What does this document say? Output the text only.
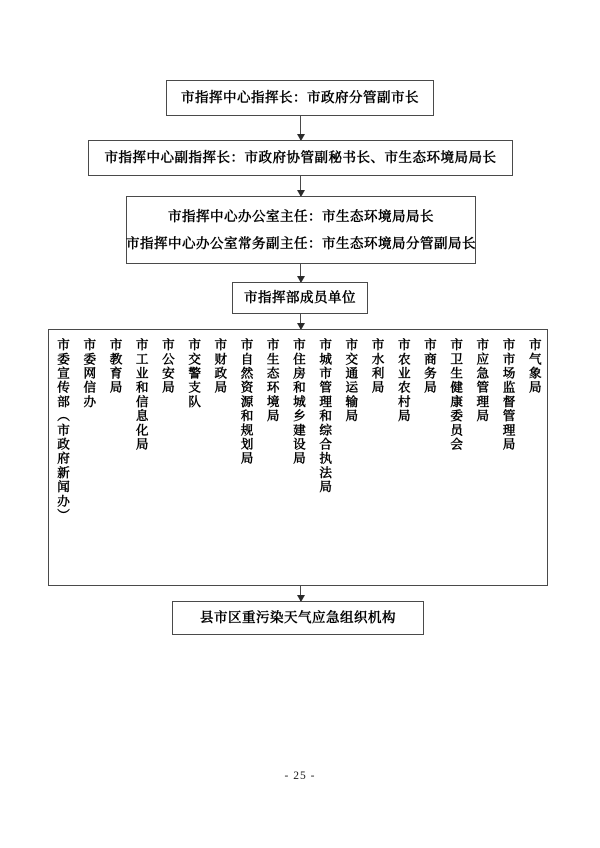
市指挥中心指挥长：市政府分管副市长
市指挥中心副指挥长：市政府协管副秘书长、市生态环境局局长
市指挥中心办公室主任：市生态环境局局长
市指挥中心办公室常务副主任：市生态环境局分管副局长
市指挥部成员单位
市委宣传部（市政府新闻办） 市委网信办 市教育局 市工业和信息化局 市公安局 市交警支队 市财政局 市自然资源和规划局 市生态环境局 市住房和城乡建设局 市城市管理和综合执法局 市交通运输局 市水利局 市农业农村局 市商务局 市卫生健康委员会 市应急管理局 市市场监督管理局 市气象局
县市区重污染天气应急组织机构
- 25 -
